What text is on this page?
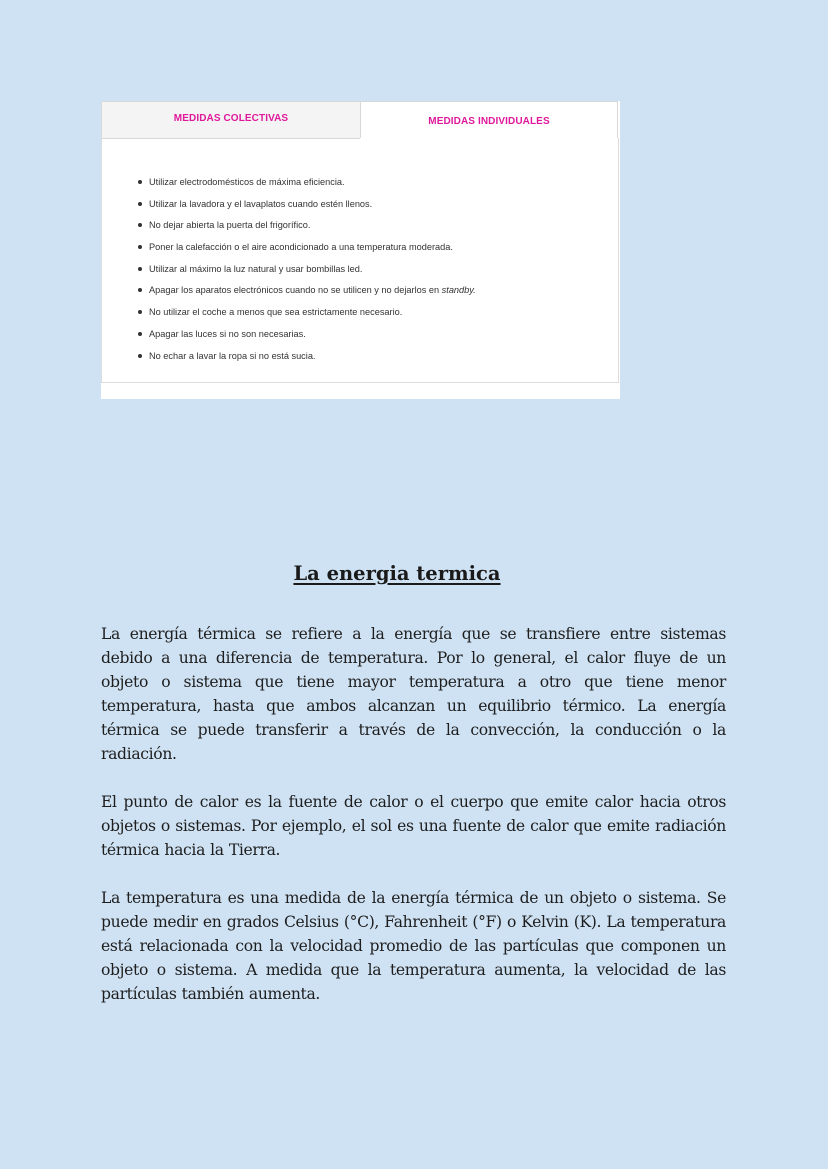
MEDIDAS COLECTIVAS	MEDIDAS INDIVIDUALES
Utilizar electrodomésticos de máxima eficiencia.
Utilizar la lavadora y el lavaplatos cuando estén llenos.
No dejar abierta la puerta del frigorífico.
Poner la calefacción o el aire acondicionado a una temperatura moderada.
Utilizar al máximo la luz natural y usar bombillas led.
Apagar los aparatos electrónicos cuando no se utilicen y no dejarlos en standby.
No utilizar el coche a menos que sea estrictamente necesario.
Apagar las luces si no son necesarias.
No echar a lavar la ropa si no está sucia.
La energia termica

La energía térmica se refiere a la energía que se transfiere entre sistemas debido a una diferencia de temperatura. Por lo general, el calor fluye de un objeto o sistema que tiene mayor temperatura a otro que tiene menor temperatura, hasta que ambos alcanzan un equilibrio térmico. La energía térmica se puede transferir a través de la convección, la conducción o la radiación.

El punto de calor es la fuente de calor o el cuerpo que emite calor hacia otros objetos o sistemas. Por ejemplo, el sol es una fuente de calor que emite radiación térmica hacia la Tierra.

La temperatura es una medida de la energía térmica de un objeto o sistema. Se puede medir en grados Celsius (°C), Fahrenheit (°F) o Kelvin (K). La temperatura está relacionada con la velocidad promedio de las partículas que componen un objeto o sistema. A medida que la temperatura aumenta, la velocidad de las partículas también aumenta.
